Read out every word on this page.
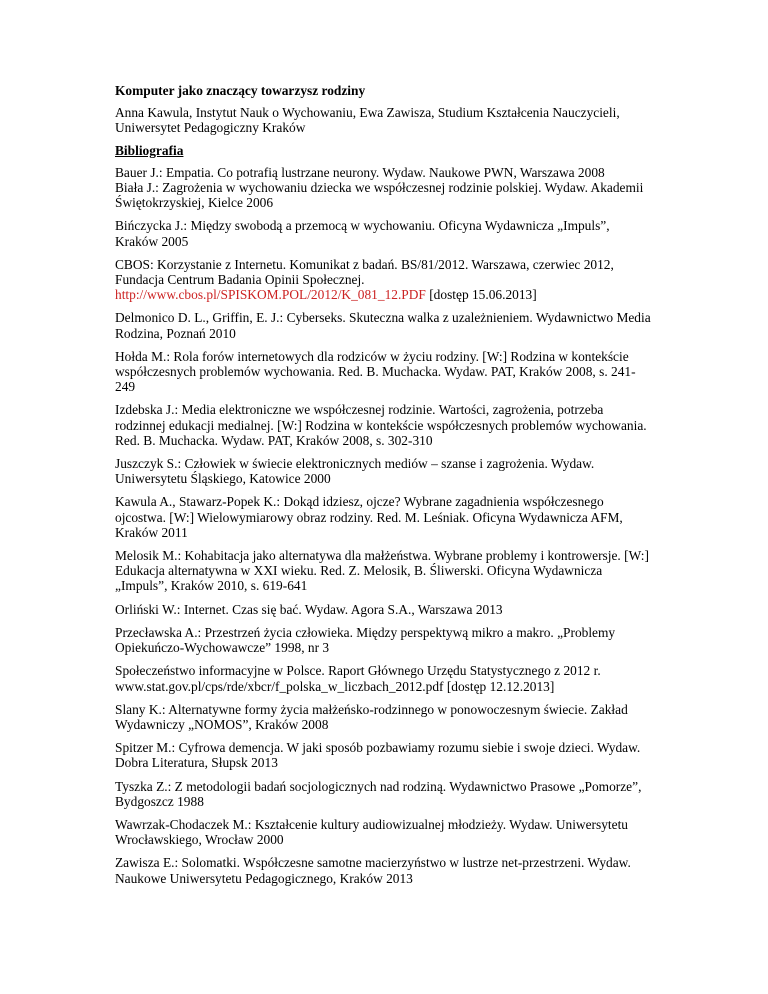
Komputer jako znaczący towarzysz rodziny
Anna Kawula, Instytut Nauk o Wychowaniu, Ewa Zawisza, Studium Kształcenia Nauczycieli, Uniwersytet Pedagogiczny Kraków
Bibliografia
Bauer J.: Empatia. Co potrafią lustrzane neurony. Wydaw. Naukowe PWN, Warszawa 2008
Biała J.: Zagrożenia w wychowaniu dziecka we współczesnej rodzinie polskiej. Wydaw. Akademii Świętokrzyskiej, Kielce 2006
Bińczycka J.: Między swobodą a przemocą w wychowaniu. Oficyna Wydawnicza „Impuls”, Kraków 2005
CBOS: Korzystanie z Internetu. Komunikat z badań. BS/81/2012. Warszawa, czerwiec 2012, Fundacja Centrum Badania Opinii Społecznej.
http://www.cbos.pl/SPISKOM.POL/2012/K_081_12.PDF [dostęp 15.06.2013]
Delmonico D. L., Griffin, E. J.: Cyberseks. Skuteczna walka z uzależnieniem. Wydawnictwo Media Rodzina, Poznań 2010
Hołda M.: Rola forów internetowych dla rodziców w życiu rodziny. [W:] Rodzina w kontekście współczesnych problemów wychowania. Red. B. Muchacka. Wydaw. PAT, Kraków 2008, s. 241-249
Izdebska J.: Media elektroniczne we współczesnej rodzinie. Wartości, zagrożenia, potrzeba rodzinnej edukacji medialnej. [W:] Rodzina w kontekście współczesnych problemów wychowania. Red. B. Muchacka. Wydaw. PAT, Kraków 2008, s. 302-310
Juszczyk S.: Człowiek w świecie elektronicznych mediów – szanse i zagrożenia. Wydaw. Uniwersytetu Śląskiego, Katowice 2000
Kawula A., Stawarz-Popek K.: Dokąd idziesz, ojcze? Wybrane zagadnienia współczesnego ojcostwa. [W:] Wielowymiarowy obraz rodziny. Red. M. Leśniak. Oficyna Wydawnicza AFM, Kraków 2011
Melosik M.: Kohabitacja jako alternatywa dla małżeństwa. Wybrane problemy i kontrowersje. [W:] Edukacja alternatywna w XXI wieku. Red. Z. Melosik, B. Śliwerski. Oficyna Wydawnicza „Impuls”, Kraków 2010, s. 619-641
Orliński W.: Internet. Czas się bać. Wydaw. Agora S.A., Warszawa 2013
Przecławska A.: Przestrzeń życia człowieka. Między perspektywą mikro a makro. „Problemy Opiekuńczo-Wychowawcze” 1998, nr 3
Społeczeństwo informacyjne w Polsce. Raport Głównego Urzędu Statystycznego z 2012 r. www.stat.gov.pl/cps/rde/xbcr/f_polska_w_liczbach_2012.pdf [dostęp 12.12.2013]
Slany K.: Alternatywne formy życia małżeńsko-rodzinnego w ponowoczesnym świecie. Zakład Wydawniczy „NOMOS”, Kraków 2008
Spitzer M.: Cyfrowa demencja. W jaki sposób pozbawiamy rozumu siebie i swoje dzieci. Wydaw. Dobra Literatura, Słupsk 2013
Tyszka Z.: Z metodologii badań socjologicznych nad rodziną. Wydawnictwo Prasowe „Pomorze”, Bydgoszcz 1988
Wawrzak-Chodaczek M.: Kształcenie kultury audiowizualnej młodzieży. Wydaw. Uniwersytetu Wrocławskiego, Wrocław 2000
Zawisza E.: Solomatki. Współczesne samotne macierzyństwo w lustrze net-przestrzeni. Wydaw. Naukowe Uniwersytetu Pedagogicznego, Kraków 2013
